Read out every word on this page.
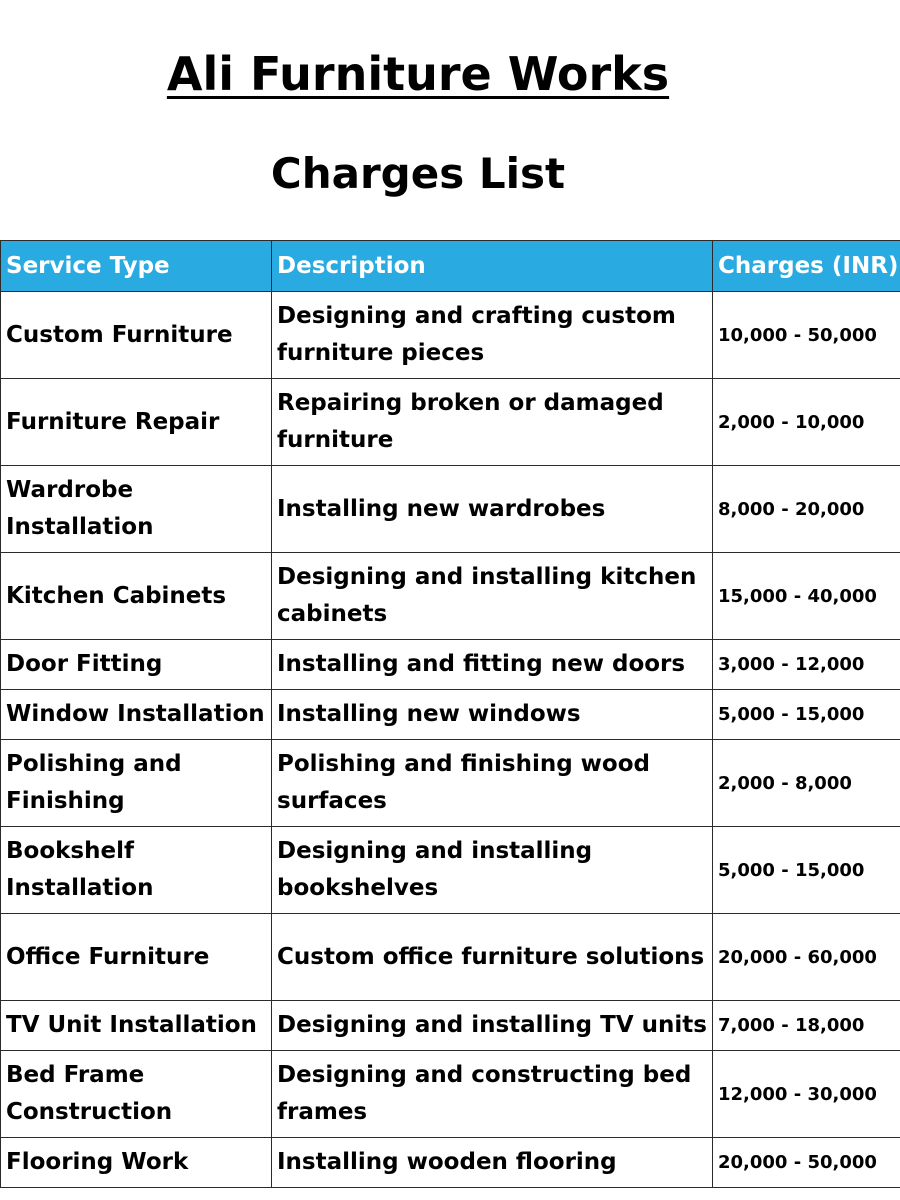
Ali Furniture Works
Charges List
Service Type	Description	Charges (INR)
Custom Furniture	Designing and crafting custom furniture pieces	10,000 - 50,000
Furniture Repair	Repairing broken or damaged furniture	2,000 - 10,000
Wardrobe Installation	Installing new wardrobes	8,000 - 20,000
Kitchen Cabinets	Designing and installing kitchen cabinets	15,000 - 40,000
Door Fitting	Installing and fitting new doors	3,000 - 12,000
Window Installation	Installing new windows	5,000 - 15,000
Polishing and Finishing	Polishing and finishing wood surfaces	2,000 - 8,000
Bookshelf Installation	Designing and installing bookshelves	5,000 - 15,000
Office Furniture	Custom office furniture solutions	20,000 - 60,000
TV Unit Installation	Designing and installing TV units	7,000 - 18,000
Bed Frame Construction	Designing and constructing bed frames	12,000 - 30,000
Flooring Work	Installing wooden flooring	20,000 - 50,000
